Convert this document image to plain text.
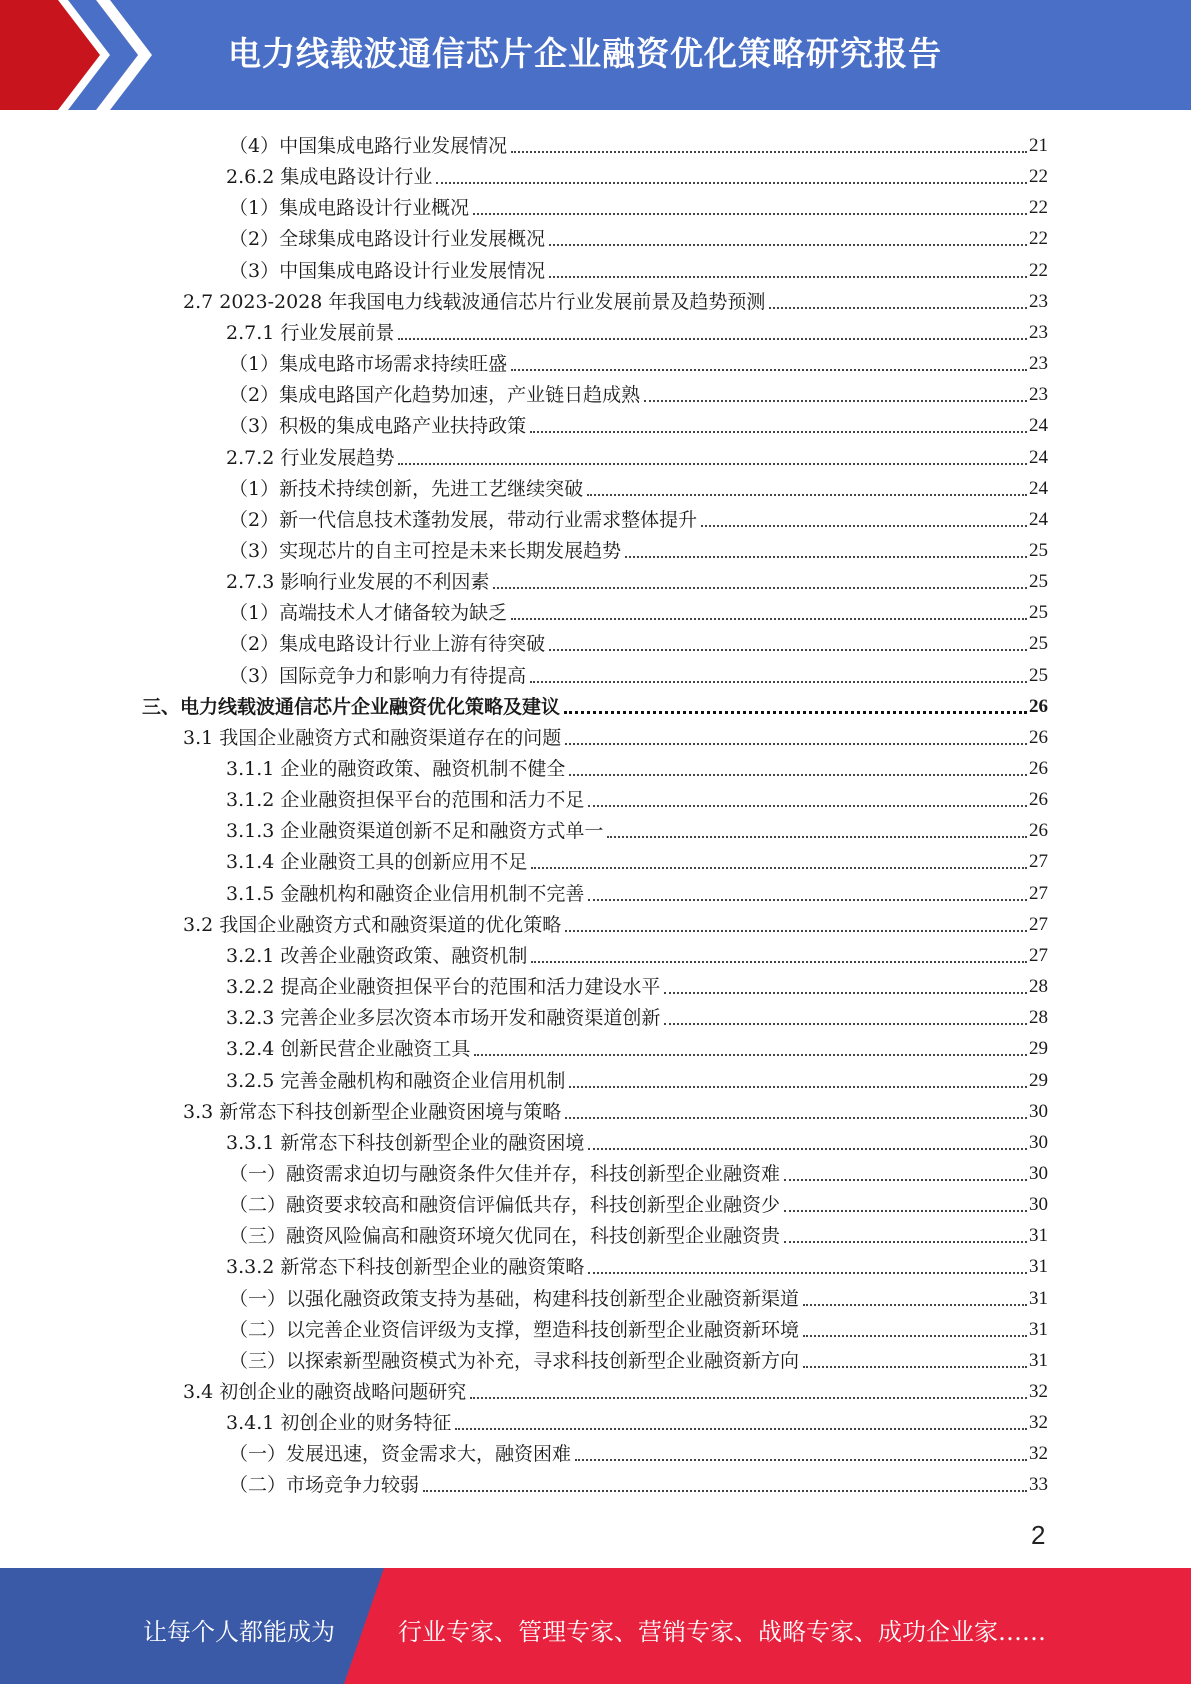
电力线载波通信芯片企业融资优化策略研究报告
（4）中国集成电路行业发展情况	21
2.6.2 集成电路设计行业	22
（1）集成电路设计行业概况	22
（2）全球集成电路设计行业发展概况	22
（3）中国集成电路设计行业发展情况	22
2.7 2023-2028 年我国电力线载波通信芯片行业发展前景及趋势预测	23
2.7.1 行业发展前景	23
（1）集成电路市场需求持续旺盛	23
（2）集成电路国产化趋势加速，产业链日趋成熟	23
（3）积极的集成电路产业扶持政策	24
2.7.2 行业发展趋势	24
（1）新技术持续创新，先进工艺继续突破	24
（2）新一代信息技术蓬勃发展，带动行业需求整体提升	24
（3）实现芯片的自主可控是未来长期发展趋势	25
2.7.3 影响行业发展的不利因素	25
（1）高端技术人才储备较为缺乏	25
（2）集成电路设计行业上游有待突破	25
（3）国际竞争力和影响力有待提高	25
三、电力线载波通信芯片企业融资优化策略及建议	26
3.1 我国企业融资方式和融资渠道存在的问题	26
3.1.1 企业的融资政策、融资机制不健全	26
3.1.2 企业融资担保平台的范围和活力不足	26
3.1.3 企业融资渠道创新不足和融资方式单一	26
3.1.4 企业融资工具的创新应用不足	27
3.1.5 金融机构和融资企业信用机制不完善	27
3.2 我国企业融资方式和融资渠道的优化策略	27
3.2.1 改善企业融资政策、融资机制	27
3.2.2 提高企业融资担保平台的范围和活力建设水平	28
3.2.3 完善企业多层次资本市场开发和融资渠道创新	28
3.2.4 创新民营企业融资工具	29
3.2.5 完善金融机构和融资企业信用机制	29
3.3 新常态下科技创新型企业融资困境与策略	30
3.3.1 新常态下科技创新型企业的融资困境	30
（一）融资需求迫切与融资条件欠佳并存，科技创新型企业融资难	30
（二）融资要求较高和融资信评偏低共存，科技创新型企业融资少	30
（三）融资风险偏高和融资环境欠优同在，科技创新型企业融资贵	31
3.3.2 新常态下科技创新型企业的融资策略	31
（一）以强化融资政策支持为基础，构建科技创新型企业融资新渠道	31
（二）以完善企业资信评级为支撑，塑造科技创新型企业融资新环境	31
（三）以探索新型融资模式为补充，寻求科技创新型企业融资新方向	31
3.4 初创企业的融资战略问题研究	32
3.4.1 初创企业的财务特征	32
（一）发展迅速，资金需求大，融资困难	32
（二）市场竞争力较弱	33
2
让每个人都能成为	行业专家、管理专家、营销专家、战略专家、成功企业家……
